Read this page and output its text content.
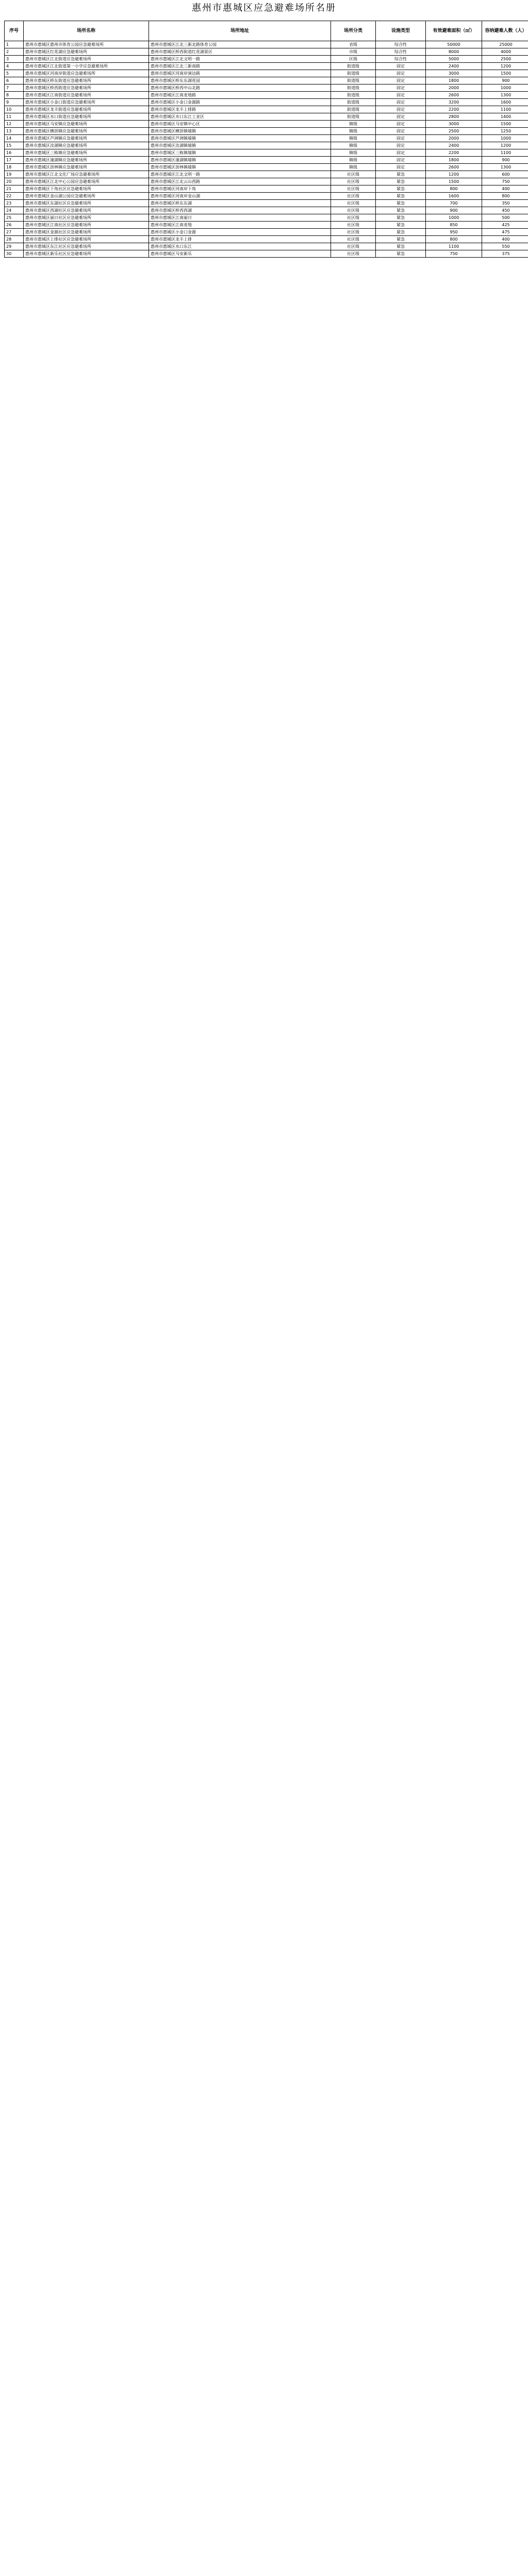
惠州市惠城区应急避难场所名册
序号	场所名称	场所地址	场所分类	设施类型	有效避难面积（㎡）	容纳避难人数（人）
1	惠州市惠城区惠州市体育公园应急避难场所	惠州市惠城区江北三新北路体育公园	省级	综合性	50000	25000
2	惠州市惠城区红花湖应急避难场所	惠州市惠城区桥西街道红花湖景区	市级	综合性	8000	4000
3	惠州市惠城区江北街道应急避难场所	惠州市惠城区江北文明一路	区级	综合性	5000	2500
4	惠州市惠城区江北街道第一小学应急避难场所	惠州市惠城区江北三新南路	街道级	固定	2400	1200
5	惠州市惠城区河南岸街道应急避难场所	惠州市惠城区河南岸演达路	街道级	固定	3000	1500
6	惠州市惠城区桥东街道应急避难场所	惠州市惠城区桥东东湖花园	街道级	固定	1800	900
7	惠州市惠城区桥西街道应急避难场所	惠州市惠城区桥西中山北路	街道级	固定	2000	1000
8	惠州市惠城区江南街道应急避难场所	惠州市惠城区江南麦地路	街道级	固定	2600	1300
9	惠州市惠城区小金口街道应急避难场所	惠州市惠城区小金口金源路	街道级	固定	3200	1600
10	惠州市惠城区龙丰街道应急避难场所	惠州市惠城区龙丰上排路	街道级	固定	2200	1100
11	惠州市惠城区水口街道应急避难场所	惠州市惠城区水口东江工业区	街道级	固定	2800	1400
12	惠州市惠城区马安镇应急避难场所	惠州市惠城区马安镇中心区	镇级	固定	3000	1500
13	惠州市惠城区横沥镇应急避难场所	惠州市惠城区横沥镇墟镇	镇级	固定	2500	1250
14	惠州市惠城区芦洲镇应急避难场所	惠州市惠城区芦洲镇墟镇	镇级	固定	2000	1000
15	惠州市惠城区汝湖镇应急避难场所	惠州市惠城区汝湖镇墟镇	镇级	固定	2400	1200
16	惠州市惠城区三栋镇应急避难场所	惠州市惠城区三栋镇墟镇	镇级	固定	2200	1100
17	惠州市惠城区潼湖镇应急避难场所	惠州市惠城区潼湖镇墟镇	镇级	固定	1800	900
18	惠州市惠城区沥林镇应急避难场所	惠州市惠城区沥林镇墟镇	镇级	固定	2600	1300
19	惠州市惠城区江北文化广场应急避难场所	惠州市惠城区江北文明一路	社区级	紧急	1200	600
20	惠州市惠城区江北中心公园应急避难场所	惠州市惠城区江北云山西路	社区级	紧急	1500	750
21	惠州市惠城区下角社区应急避难场所	惠州市惠城区河南岸下角	社区级	紧急	800	400
22	惠州市惠城区金山湖公园应急避难场所	惠州市惠城区河南岸金山湖	社区级	紧急	1600	800
23	惠州市惠城区东湖社区应急避难场所	惠州市惠城区桥东东湖	社区级	紧急	700	350
24	惠州市惠城区西湖社区应急避难场所	惠州市惠城区桥西西湖	社区级	紧急	900	450
25	惠州市惠城区丽日社区应急避难场所	惠州市惠城区江南丽日	社区级	紧急	1000	500
26	惠州市惠城区江南社区应急避难场所	惠州市惠城区江南麦地	社区级	紧急	850	425
27	惠州市惠城区金源社区应急避难场所	惠州市惠城区小金口金源	社区级	紧急	950	475
28	惠州市惠城区上排社区应急避难场所	惠州市惠城区龙丰上排	社区级	紧急	800	400
29	惠州市惠城区东江社区应急避难场所	惠州市惠城区水口东江	社区级	紧急	1100	550
30	惠州市惠城区新乐社区应急避难场所	惠州市惠城区马安新乐	社区级	紧急	750	375
